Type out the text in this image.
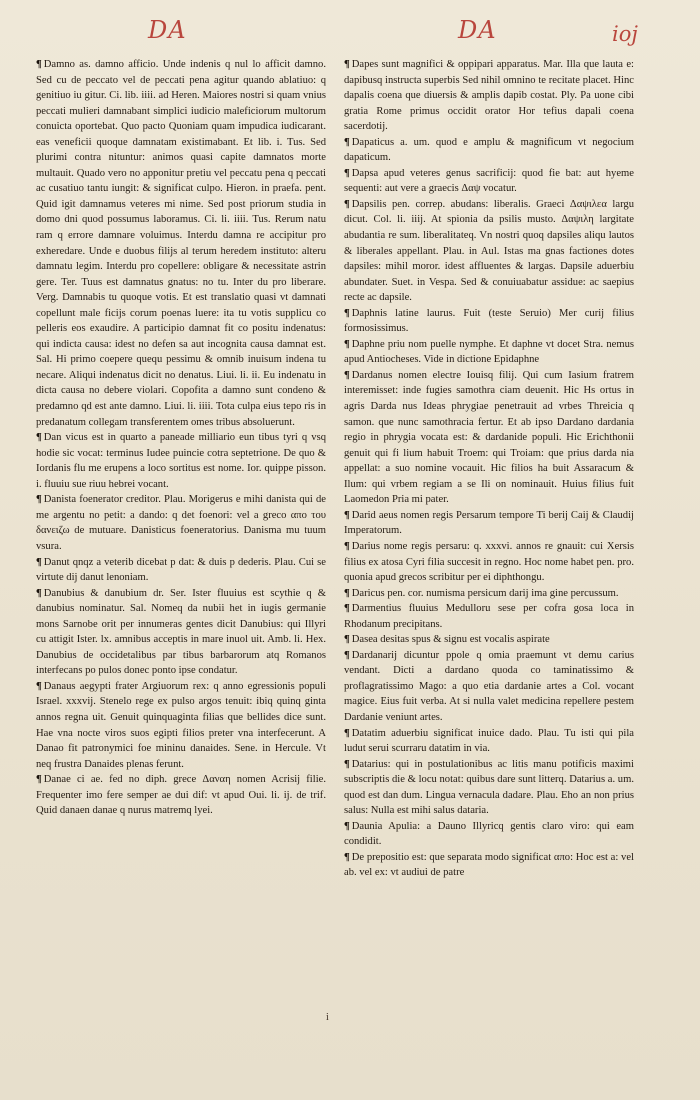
DA	DA	ioj

¶ Damno as. damno afficio. Unde indenis q nul lo afficit damno. Sed cu de peccato vel de peccati pena agitur quando ablatiuo: q genitiuo iu gitur. Ci. lib. iiii. ad Heren. Maiores nostri si quam vnius peccati mulieri damnabant simplici iudicio maleficiorum multorum conuicta oportebat. Quo pacto Quoniam quam impudica iudicarant. eas veneficii quoque damnatam existimabant. Et lib. i. Tus. Sed plurimi contra nituntur: animos quasi capite damnatos morte multauit. Quado vero no apponitur pretiu vel peccatu pena q peccati ac cusatiuo tantu iungit: & significat culpo. Hieron. in praefa. pent. Quid igit damnamus veteres mi nime. Sed post priorum studia in domo dni quod possumus laboramus. Ci. li. iiii. Tus. Rerum natu ram q errore damnare voluimus. Interdu damna re accipitur pro exheredare. Unde e duobus filijs al terum heredem instituto: alteru damnatu legim. Interdu pro copellere: obligare & necessitate astrin gere. Ter. Tuus est damnatus gnatus: no tu. Inter du pro liberare. Verg. Damnabis tu quoque votis. Et est translatio quasi vt damnati copellunt male ficijs corum poenas luere: ita tu votis supplicu co pelleris eos exaudire. A participio damnat fit co positu indenatus: qui indicta causa: idest no defen sa aut incognita causa damnat est. Sal. Hi primo coepere quequ pessimu & omnib inuisum indena tu necare. Aliqui indenatus dicit no denatus. Liui. li. ii. Eu indenatu in dicta causa no debere violari. Copofita a damno sunt condeno & predamno qd est ante damno. Liui. li. iiii. Tota culpa eius tepo ris in predanatum collegam transferentem omes tribus absoluerunt.

¶ Dan vicus est in quarto a paneade milliario eun tibus tyri q vsq hodie sic vocat: terminus Iudee puincie cotra septetrione. De quo & Iordanis flu me erupens a loco sortitus est nome. Ior. quippe pisson. i. fluuiu sue riuu hebrei vocant.

¶ Danista foenerator creditor. Plau. Morigerus e mihi danista qui de me argentu no petit: a dando: q det foenori: vel a greco απο του δανειζω de mutuare. Danisticus foeneratorius. Danisma mu tuum vsura.

¶ Danut qnqz a veterib dicebat p dat: & duis p dederis. Plau. Cui se virtute dij danut lenoniam.

¶ Danubius & danubium dr. Ser. Ister fluuius est scythie q & danubius nominatur. Sal. Nomeq da nubii het in iugis germanie mons Sarnobe orit per innumeras gentes dicit Danubius: qui Illyri cu attigit Ister. lx. amnibus acceptis in mare inuol uit. Amb. li. Hex. Danubius de occidetalibus par tibus barbarorum atq Romanos interfecans po pulos donec ponto ipse condatur.

¶ Danaus aegypti frater Argiuorum rex: q anno egressionis populi Israel. xxxvij. Stenelo rege ex pulso argos tenuit: ibiq quinq ginta annos regna uit. Genuit quinquaginta filias que bellides dice sunt. Hae vna nocte viros suos egipti filios preter vna interfecerunt. A Danao fit patronymici foe mininu danaides. Sene. in Hercule. Vt neq frustra Danaides plenas ferunt.

¶ Danae ci ae. fed no diph. grece Δαναη nomen Acrisij filie. Frequenter imo fere semper ae dui dif: vt apud Oui. li. ij. de trif. Quid danaen danae q nurus matremq lyei.

¶ Dapes sunt magnifici & oppipari apparatus. Mar. Illa que lauta e: dapibusq instructa superbis Sed nihil omnino te recitate placet. Hinc dapalis coena que diuersis & amplis dapib costat. Ply. Pa uone cibi gratia Rome primus occidit orator Hor tefius dapali coena sacerdotij.

¶ Dapaticus a. um. quod e amplu & magnificum vt negocium dapaticum.

¶ Dapsa apud veteres genus sacrificij: quod fie bat: aut hyeme sequenti: aut vere a graecis Δαψ vocatur.

¶ Dapsilis pen. correp. abudans: liberalis. Graeci Δαψιλεα largu dicut. Col. li. iiij. At spionia da psilis musto. Δαψιλη largitate abudantia re sum. liberalitateq. Vn nostri quoq dapsiles aliqu lautos & liberales appellant. Plau. in Aul. Istas ma gnas factiones dotes dapsiles: mihil moror. idest affluentes & largas. Dapsile aduerbiu abundater. Suet. in Vespa. Sed & conuiuabatur assidue: ac saepius recte ac dapsile.

¶ Daphnis latine laurus. Fuit (teste Seruio) Mer curij filius formosissimus.

¶ Daphne priu nom puelle nymphe. Et daphne vt docet Stra. nemus apud Antiocheses. Vide in dictione Epidaphne

¶ Dardanus nomen electre Iouisq filij. Qui cum Iasium fratrem interemisset: inde fugies samothra ciam deuenit. Hic Hs ortus in agris Darda nus Ideas phrygiae penetrauit ad vrbes Threicia q samon. que nunc samothracia fertur. Et ab ipso Dardano dardania regio in phrygia vocata est: & dardanide populi. Hic Erichthonii genuit qui fi lium habuit Troem: qui Troiam: que prius darda nia appellat: a suo nomine vocauit. Hic filios ha buit Assaracum & Ilum: qui vrbem regiam a se Ili on nominauit. Huius filius fuit Laomedon Pria mi pater.

¶ Darid aeus nomen regis Persarum tempore Ti berij Caij & Claudij Imperatorum.

¶ Darius nome regis persaru: q. xxxvi. annos re gnauit: cui Xersis filius ex atosa Cyri filia succesit in regno. Hoc nome habet pen. pro. quonia apud grecos scribitur per ei diphthongu.

¶ Daricus pen. cor. numisma persicum darij ima gine percussum.

¶ Darmentius fluuius Medulloru sese per cofra gosa loca in Rhodanum precipitans.

¶ Dasea desitas spus & signu est vocalis aspirate

¶ Dardanarij dicuntur ppole q omia praemunt vt demu carius vendant. Dicti a dardano quoda co taminatissimo & proflagratissimo Mago: a quo etia dardanie artes a Col. vocant magice. Eius fuit verba. At si nulla valet medicina repellere pestem Dardanie veniunt artes.

¶ Datatim aduerbiu significat inuice dado. Plau. Tu isti qui pila ludut serui scurraru datatim in via.

¶ Datarius: qui in postulationibus ac litis manu potificis maximi subscriptis die & locu notat: quibus dare sunt litterq. Datarius a. um. quod est dan dum. Lingua vernacula dadare. Plau. Eho an non prius salus: Nulla est mihi salus dataria.

¶ Daunia Apulia: a Dauno Illyricq gentis claro viro: qui eam condidit.

¶ De prepositio est: que separata modo significat απο: Hoc est a: vel ab. vel ex: vt audiui de patre

i
